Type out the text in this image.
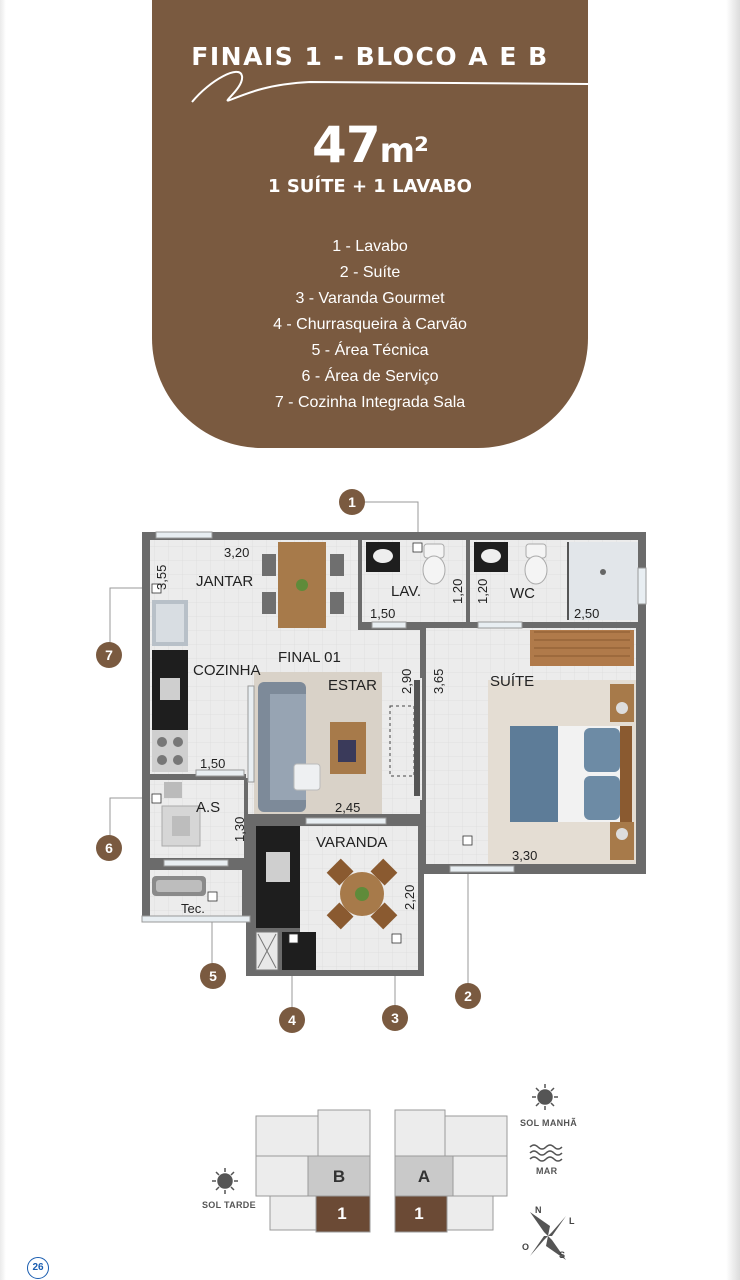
FINAIS 1 - BLOCO A E B
47m²
1 SUÍTE + 1 LAVABO
1 - Lavabo
2 - Suíte
3 - Varanda Gourmet
4 - Churrasqueira à Carvão
5 - Área Técnica
6 - Área de Serviço
7 - Cozinha Integrada Sala
JANTAR
COZINHA
FINAL 01
ESTAR
LAV.	WC
SUÍTE
A.S
VARANDA
Tec.
3,20
3,55
1,50
1,20 1,20
2,50
2,90 3,65
1,50
2,45
1,30
2,20
3,30
1
2
3
4
5
6
7
B	A
1	1	N
L
S
O
SOL MANHÃ
MAR
SOL TARDE
26
